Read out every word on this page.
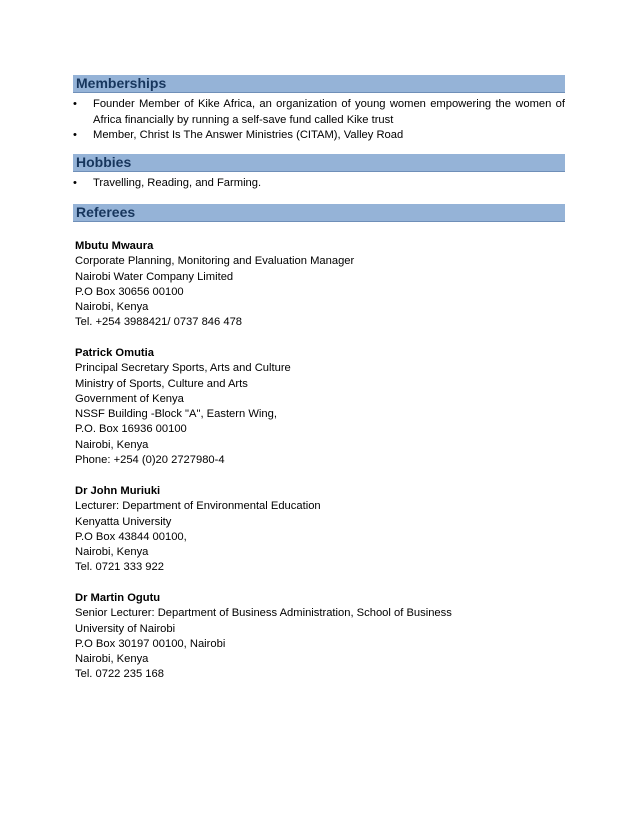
Memberships
•	Founder Member of Kike Africa, an organization of young women empowering the women of Africa financially by running a self-save fund called Kike trust
•	Member, Christ Is The Answer Ministries (CITAM), Valley Road
Hobbies
•	Travelling, Reading, and Farming.
Referees
Mbutu Mwaura
Corporate Planning, Monitoring and Evaluation Manager
Nairobi Water Company Limited
P.O Box 30656 00100
Nairobi, Kenya
Tel. +254 3988421/ 0737 846 478
Patrick Omutia
Principal Secretary Sports, Arts and Culture
Ministry of Sports, Culture and Arts
Government of Kenya
NSSF Building -Block "A", Eastern Wing,
P.O. Box 16936 00100
Nairobi, Kenya
Phone: +254 (0)20 2727980-4
Dr John Muriuki
Lecturer: Department of Environmental Education
Kenyatta University
P.O Box 43844 00100,
Nairobi, Kenya
Tel. 0721 333 922
Dr Martin Ogutu
Senior Lecturer: Department of Business Administration, School of Business
University of Nairobi
P.O Box 30197 00100, Nairobi
Nairobi, Kenya
Tel. 0722 235 168
